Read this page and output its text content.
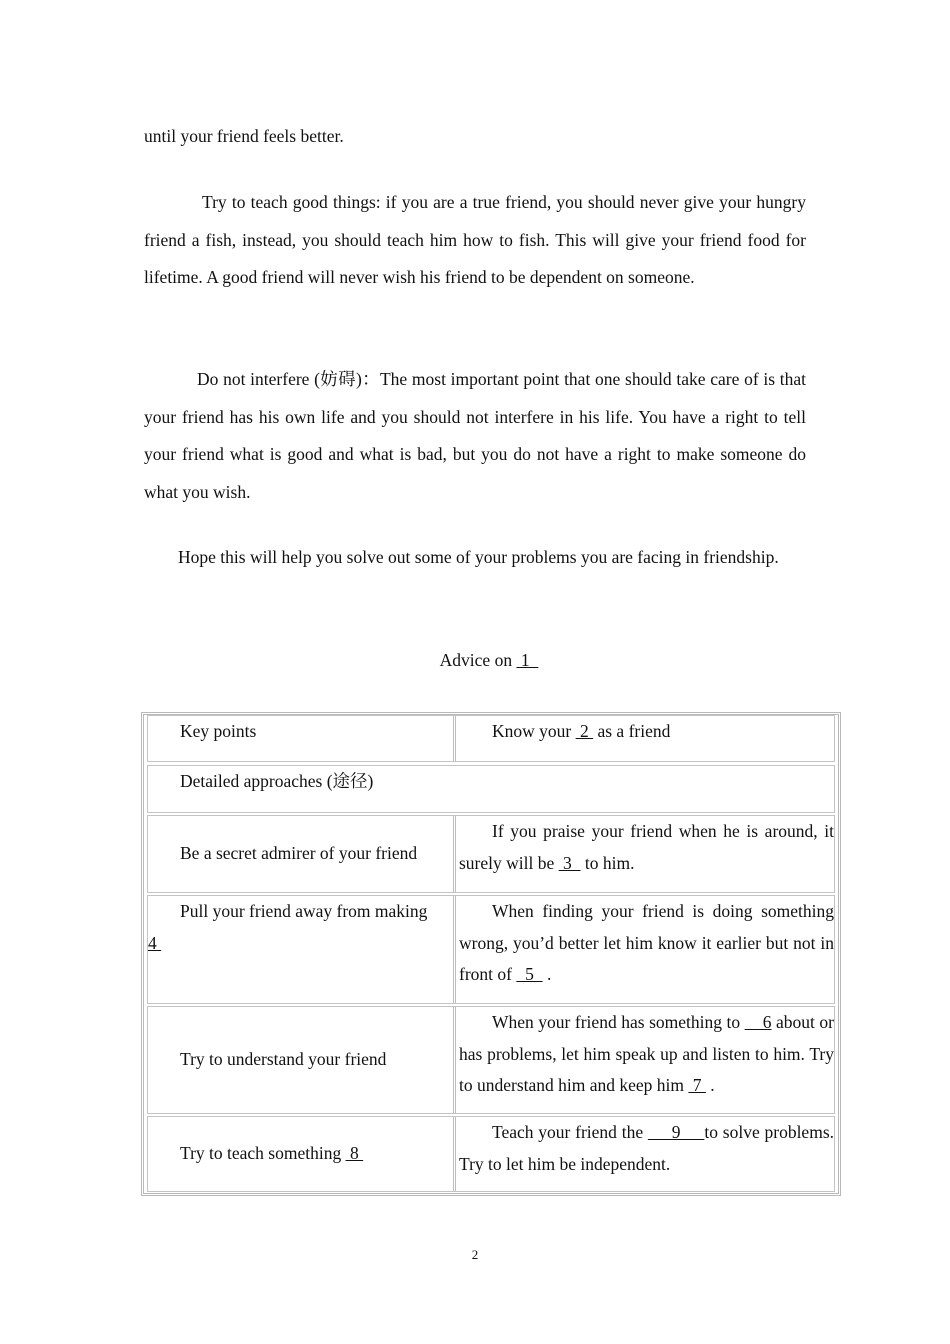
until your friend feels better.

Try to teach good things: if you are a true friend, you should never give your hungry friend a fish, instead, you should teach him how to fish. This will give your friend food for lifetime. A good friend will never wish his friend to be dependent on someone.

Do not interfere (妨碍)：The most important point that one should take care of is that your friend has his own life and you should not interfere in his life. You have a right to tell your friend what is good and what is bad, but you do not have a right to make someone do what you wish.

Hope this will help you solve out some of your problems you are facing in friendship.

Advice on  1

Key points	Know your  2  as a friend
Detailed approaches (途径)
Be a secret admirer of your friend
If you praise your friend when he is around, it surely will be  3   to him.
Pull your friend away from making
4
When finding your friend is doing something wrong, you’d better let him know it earlier but not in front of   5   .
Try to understand your friend
When your friend has something to     6 about or has problems, let him speak up and listen to him. Try to understand him and keep him  7  .
Try to teach something  8
Teach your friend the      9     to solve problems. Try to let him be independent.
2
